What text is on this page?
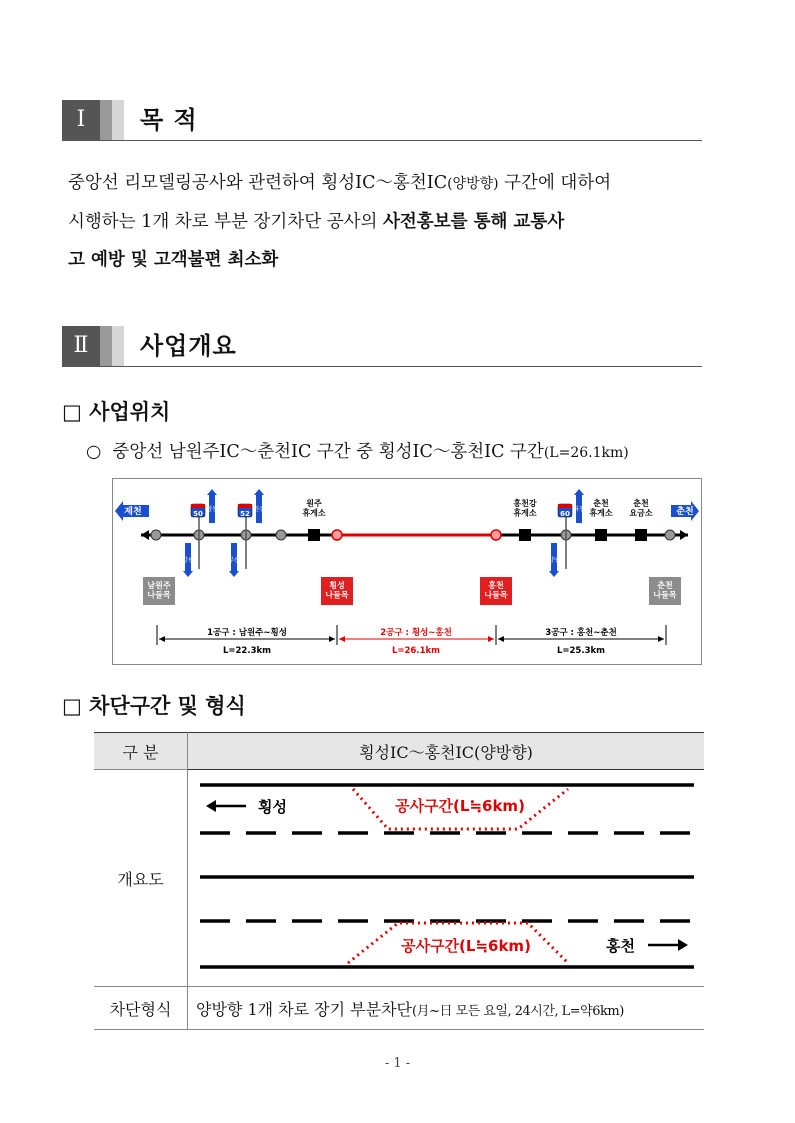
Ⅰ	목 적
중앙선 리모델링공사와 관련하여 횡성IC～홍천IC(양방향) 구간에 대하여
시행하는 1개 차로 부분 장기차단 공사의 사전홍보를 통해 교통사
고 예방 및 고객불편 최소화
Ⅱ	사업개요
□ 사업위치
○ 중앙선 남원주IC～춘천IC 구간 중 횡성IC～홍천IC 구간(L=26.1km)
제천	춘천
50	52	60
영동	원주	화천
강릉	부산	양양
원주 휴게소
홍천강 휴게소
춘천 휴게소
춘천 요금소
남원주 나들목
횡성 나들목
홍천 나들목
춘천 나들목
1공구 : 남원주~횡성
L=22.3km
2공구 : 횡성~홍천
L=26.1km
3공구 : 홍천~춘천
L=25.3km
□ 차단구간 및 형식
구 분	횡성IC～홍천IC(양방향)
개요도	횡성 공사구간(L≒6km)
공사구간(L≒6km) 홍천

차단형식	양방향 1개 차로 장기 부분차단(月~日 모든 요일, 24시간, L=약6km)
- 1 -
